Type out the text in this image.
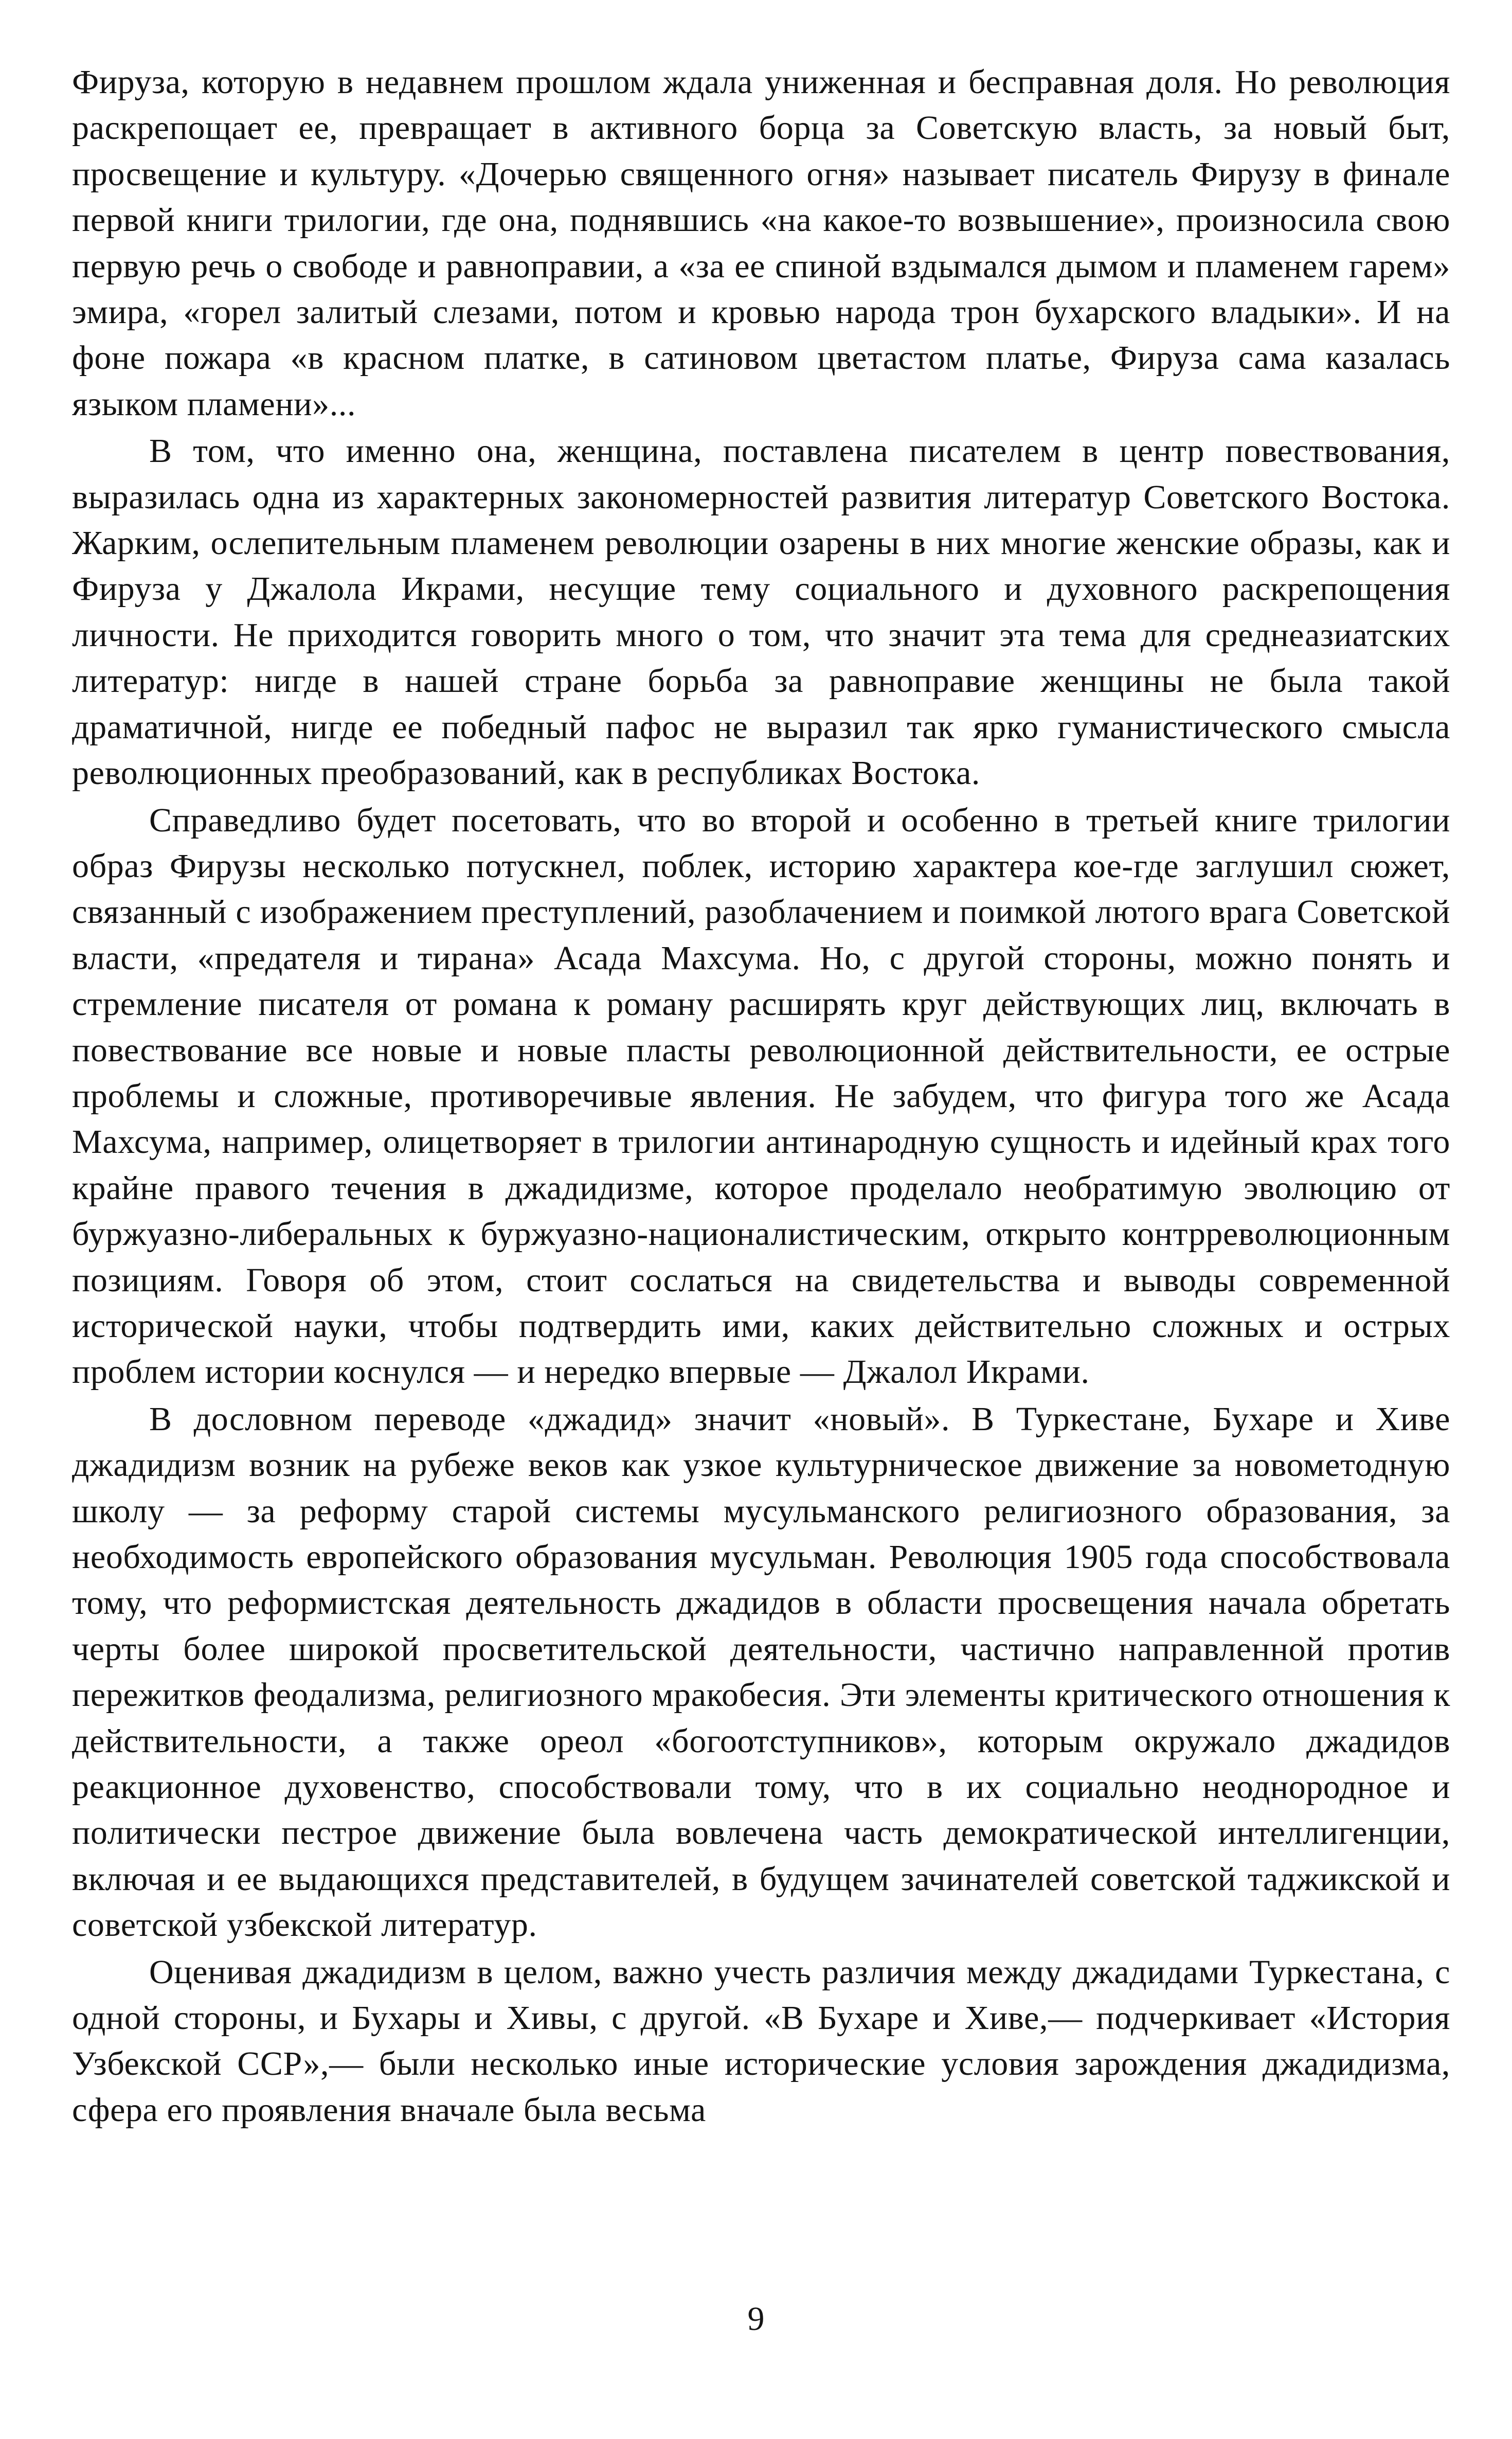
Фируза, которую в недавнем прошлом ждала униженная и бесправная доля. Но революция раскрепощает ее, превращает в активного борца за Советскую власть, за новый быт, просвещение и культуру. «Дочерью священного огня» называет писатель Фирузу в финале первой книги трилогии, где она, поднявшись «на какое-то возвышение», произносила свою первую речь о свободе и равноправии, а «за ее спиной вздымался дымом и пламенем гарем» эмира, «горел залитый слезами, потом и кровью народа трон бухарского владыки». И на фоне пожара «в красном платке, в сатиновом цветастом платье, Фируза сама казалась языком пламени»...

В том, что именно она, женщина, поставлена писателем в центр повествования, выразилась одна из характерных закономерностей развития литератур Советского Востока. Жарким, ослепительным пламенем революции озарены в них многие женские образы, как и Фируза у Джалола Икрами, несущие тему социального и духовного раскрепощения личности. Не приходится говорить много о том, что значит эта тема для среднеазиатских литератур: нигде в нашей стране борьба за равноправие женщины не была такой драматичной, нигде ее победный пафос не выразил так ярко гуманистического смысла революционных преобразований, как в республиках Востока.

Справедливо будет посетовать, что во второй и особенно в третьей книге трилогии образ Фирузы несколько потускнел, поблек, историю характера кое-где заглушил сюжет, связанный с изображением преступлений, разоблачением и поимкой лютого врага Советской власти, «предателя и тирана» Асада Махсума. Но, с другой стороны, можно понять и стремление писателя от романа к роману расширять круг действующих лиц, включать в повествование все новые и новые пласты революционной действительности, ее острые проблемы и сложные, противоречивые явления. Не забудем, что фигура того же Асада Махсума, например, олицетворяет в трилогии антинародную сущность и идейный крах того крайне правого течения в джадидизме, которое проделало необратимую эволюцию от буржуазно-либеральных к буржуазно-националистическим, открыто контрреволюционным позициям. Говоря об этом, стоит сослаться на свидетельства и выводы современной исторической науки, чтобы подтвердить ими, каких действительно сложных и острых проблем истории коснулся — и нередко впервые — Джалол Икрами.

В дословном переводе «джадид» значит «новый». В Туркестане, Бухаре и Хиве джадидизм возник на рубеже веков как узкое культурническое движение за новометодную школу — за реформу старой системы мусульманского религиозного образования, за необходимость европейского образования мусульман. Революция 1905 года способствовала тому, что реформистская деятельность джадидов в области просвещения начала обретать черты более широкой просветительской деятельности, частично направленной против пережитков феодализма, религиозного мракобесия. Эти элементы критического отношения к действительности, а также ореол «богоотступников», которым окружало джадидов реакционное духовенство, способствовали тому, что в их социально неоднородное и политически пестрое движение была вовлечена часть демократической интеллигенции, включая и ее выдающихся представителей, в будущем зачинателей советской таджикской и советской узбекской литератур.

Оценивая джадидизм в целом, важно учесть различия между джадидами Туркестана, с одной стороны, и Бухары и Хивы, с другой. «В Бухаре и Хиве,— подчеркивает «История Узбекской ССР»,— были несколько иные исторические условия зарождения джадидизма, сфера его проявления вначале была весьма

9
